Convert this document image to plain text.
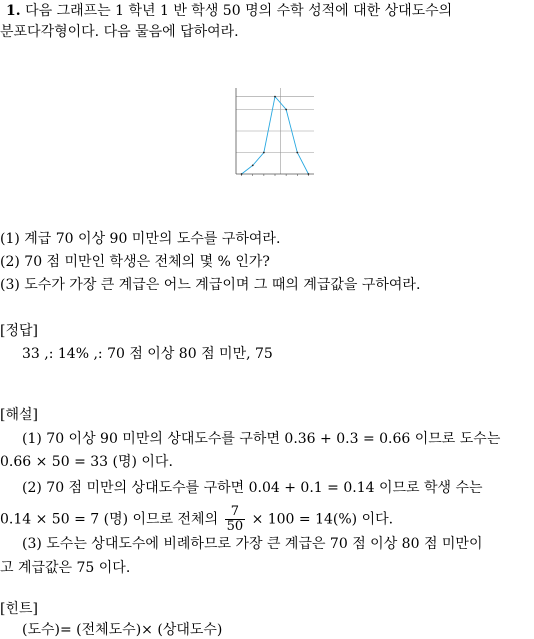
1. 다음 그래프는 1 학년 1 반 학생 50 명의 수학 성적에 대한 상대도수의
분포다각형이다. 다음 물음에 답하여라.
(1) 계급 70 이상 90 미만의 도수를 구하여라.
(2) 70 점 미만인 학생은 전체의 몇 % 인가?
(3) 도수가 가장 큰 계급은 어느 계급이며 그 때의 계급값을 구하여라.
[정답]
33 ,: 14% ,: 70 점 이상 80 점 미만, 75
[해설]
(1) 70 이상 90 미만의 상대도수를 구하면 0.36 + 0.3 = 0.66 이므로 도수는
0.66 × 50 = 33 (명) 이다.
(2) 70 점 미만의 상대도수를 구하면 0.04 + 0.1 = 0.14 이므로 학생 수는
0.14 × 50 = 7 (명) 이므로 전체의 $\frac{7}{50} \times 100 = 14(\%)$ 이다.
(3) 도수는 상대도수에 비례하므로 가장 큰 계급은 70 점 이상 80 점 미만이
고 계급값은 75 이다.
[힌트]
(도수)= (전체도수)× (상대도수)
